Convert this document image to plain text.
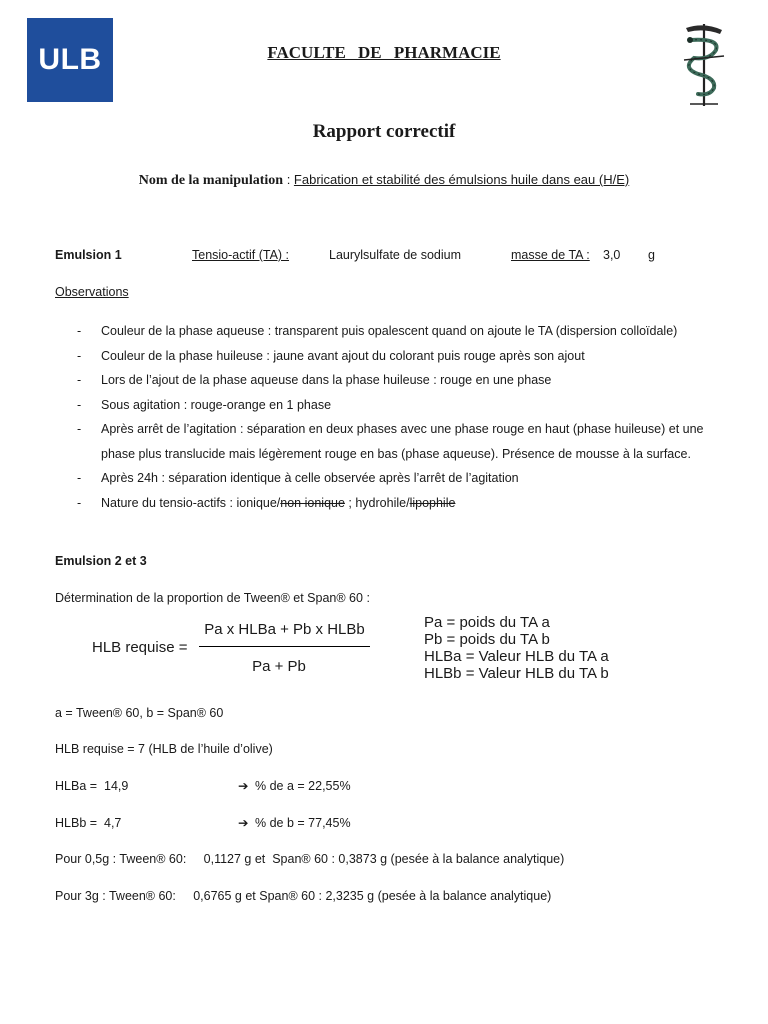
ULB	FACULTE DE PHARMACIE
Rapport correctif
Nom de la manipulation : Fabrication et stabilité des émulsions huile dans eau (H/E)
Emulsion 1	Tensio-actif (TA) :	Laurylsulfate de sodium	masse de TA : 3,0 g
Observations
- Couleur de la phase aqueuse : transparent puis opalescent quand on ajoute le TA (dispersion colloïdale)
- Couleur de la phase huileuse : jaune avant ajout du colorant puis rouge après son ajout
- Lors de l’ajout de la phase aqueuse dans la phase huileuse : rouge en une phase
- Sous agitation : rouge-orange en 1 phase
- Après arrêt de l’agitation : séparation en deux phases avec une phase rouge en haut (phase huileuse) et une phase plus translucide mais légèrement rouge en bas (phase aqueuse). Présence de mousse à la surface.
- Après 24h : séparation identique à celle observée après l’arrêt de l’agitation
- Nature du tensio-actifs : ionique/non ionique ; hydrohile/lipophile
Emulsion 2 et 3
Détermination de la proportion de Tween® et Span® 60 :
HLB requise =
Pa x HLBa + Pb x HLBb
Pa + Pb
Pa = poids du TA a
Pb = poids du TA b
HLBa = Valeur HLB du TA a
HLBb = Valeur HLB du TA b
a = Tween® 60, b = Span® 60
HLB requise = 7 (HLB de l’huile d’olive)
HLBa =  14,9	➔ % de a = 22,55%
HLBb =  4,7	➔ % de b = 77,45%
Pour 0,5g : Tween® 60:     0,1127 g et  Span® 60 : 0,3873 g (pesée à la balance analytique)
Pour 3g : Tween® 60:     0,6765 g et Span® 60 : 2,3235 g (pesée à la balance analytique)
